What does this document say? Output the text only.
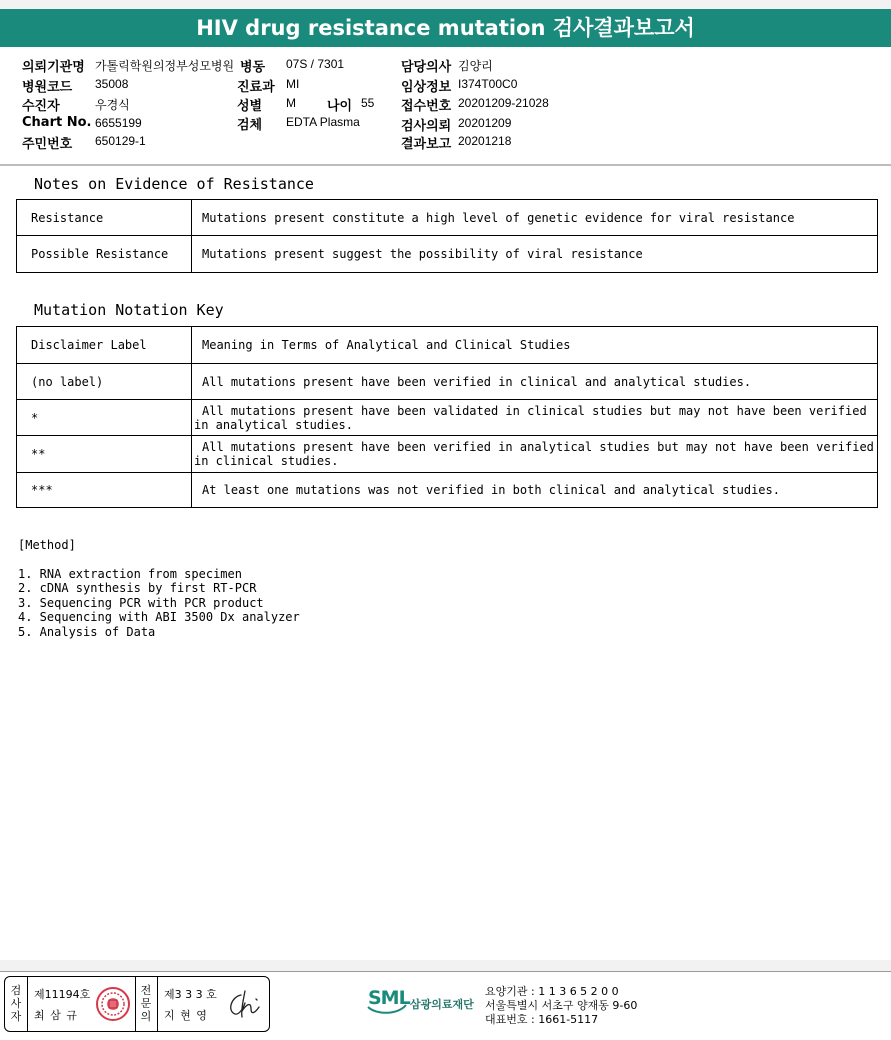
HIV drug resistance mutation 검사결과보고서
의뢰기관명 가톨릭학원의정부성모병원 병동 07S / 7301	담당의사 김양리
병원코드 35008	진료과 MI	임상정보 I374T00C0
수진자	우경식	성별 M 나이 55 접수번호 20201209-21028
Chart No. 6655199	검체 EDTA Plasma	검사의뢰 20201209
주민번호 650129-1	결과보고 20201218
Notes on Evidence of Resistance
Resistance	Mutations present constitute a high level of genetic evidence for viral resistance
Possible Resistance	Mutations present suggest the possibility of viral resistance
Mutation Notation Key
Disclaimer Label	Meaning in Terms of Analytical and Clinical Studies
(no label)	All mutations present have been verified in clinical and analytical studies.
*	All mutations present have been validated in clinical studies but may not have been verified
in analytical studies.

**	All mutations present have been verified in analytical studies but may not have been verified
in clinical studies.

***	At least one mutations was not verified in both clinical and analytical studies.
[Method]
1. RNA extraction from specimen
2. cDNA synthesis by first RT-PCR
3. Sequencing PCR with PCR product
4. Sequencing with ABI 3500 Dx analyzer
5. Analysis of Data
검
사
자
제11194호
최 삼 규
전
문
의
제3 3 3 호
지 현 영
SML 삼광의료재단
요양기관 : 1 1 3 6 5 2 0 0
서울특별시 서초구 양재동 9-60
대표번호 : 1661-5117
